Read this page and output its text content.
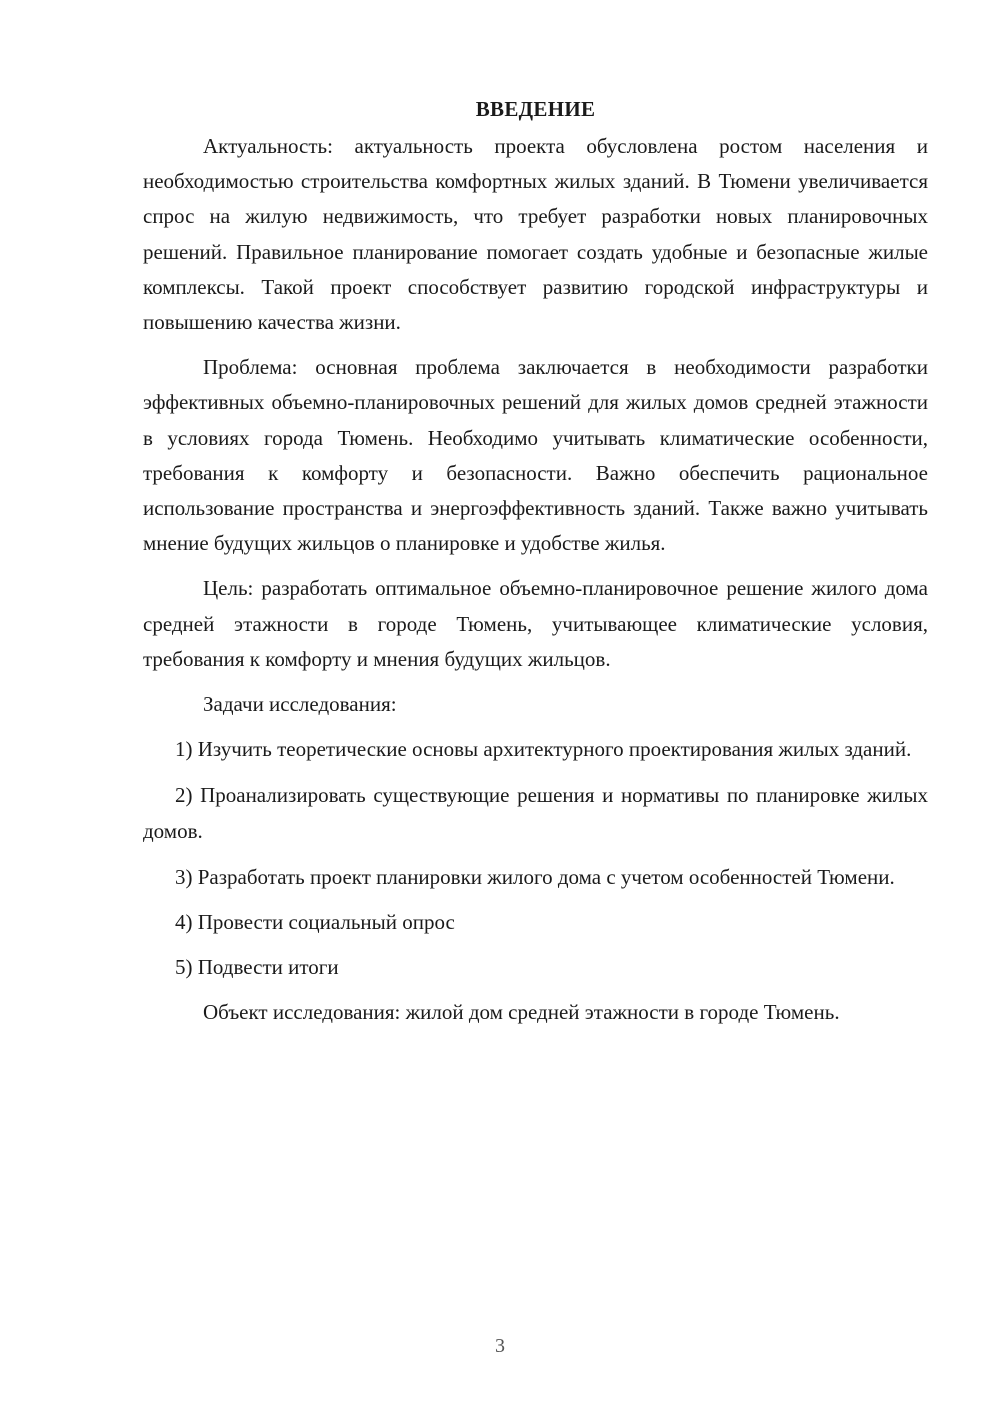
ВВЕДЕНИЕ

Актуальность: актуальность проекта обусловлена ростом населения и необходимостью строительства комфортных жилых зданий. В Тюмени увеличивается спрос на жилую недвижимость, что требует разработки новых планировочных решений. Правильное планирование помогает создать удобные и безопасные жилые комплексы. Такой проект способствует развитию городской инфраструктуры и повышению качества жизни.

Проблема: основная проблема заключается в необходимости разработки эффективных объемно-планировочных решений для жилых домов средней этажности в условиях города Тюмень. Необходимо учитывать климатические особенности, требования к комфорту и безопасности. Важно обеспечить рациональное использование пространства и энергоэффективность зданий. Также важно учитывать мнение будущих жильцов о планировке и удобстве жилья.

Цель: разработать оптимальное объемно-планировочное решение жилого дома средней этажности в городе Тюмень, учитывающее климатические условия, требования к комфорту и мнения будущих жильцов.

Задачи исследования:

1) Изучить теоретические основы архитектурного проектирования жилых зданий.

2) Проанализировать существующие решения и нормативы по планировке жилых домов.

3) Разработать проект планировки жилого дома с учетом особенностей Тюмени.

4) Провести социальный опрос

5) Подвести итоги

Объект исследования: жилой дом средней этажности в городе Тюмень.

3
